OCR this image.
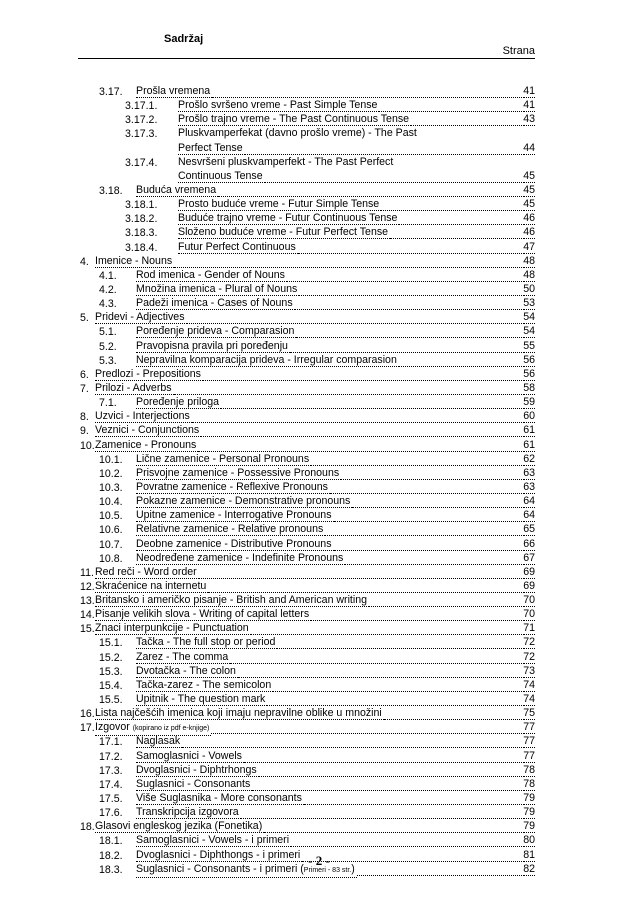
Sadržaj
Strana
3.17. Prošla vremena	41
3.17.1. Prošlo svršeno vreme - Past Simple Tense	41
3.17.2. Prošlo trajno vreme - The Past Continuous Tense	43
3.17.3. Pluskvamperfekat (davno prošlo vreme) - The Past
Perfect Tense	44
3.17.4. Nesvršeni pluskvamperfekt - The Past Perfect
Continuous Tense	45
3.18. Buduća vremena	45
3.18.1. Prosto buduće vreme - Futur Simple Tense	45
3.18.2. Buduće trajno vreme - Futur Continuous Tense	46
3.18.3. Složeno buduće vreme - Futur Perfect Tense	46
3.18.4. Futur Perfect Continuous	47
4. Imenice - Nouns	48
4.1. Rod imenica - Gender of Nouns	48
4.2. Množina imenica - Plural of Nouns	50
4.3. Padeži imenica - Cases of Nouns	53
5. Pridevi - Adjectives	54
5.1. Poređenje prideva - Comparasion	54
5.2. Pravopisna pravila pri poređenju	55
5.3. Nepravilna komparacija prideva - Irregular comparasion	56
6. Predlozi - Prepositions	56
7. Prilozi - Adverbs	58
7.1. Poređenje priloga	59
8. Uzvici - Interjections	60
9. Veznici - Conjunctions	61
10. Zamenice - Pronouns	61
10.1. Lične zamenice - Personal Pronouns	62
10.2. Prisvojne zamenice - Possessive Pronouns	63
10.3. Povratne zamenice - Reflexive Pronouns	63
10.4. Pokazne zamenice - Demonstrative pronouns	64
10.5. Upitne zamenice - Interrogative Pronouns	64
10.6. Relativne zamenice - Relative pronouns	65
10.7. Deobne zamenice - Distributive Pronouns	66
10.8. Neodređene zamenice - Indefinite Pronouns	67
11. Red reči - Word order	69
12. Skraćenice na internetu	69
13. Britansko i američko pisanje - British and American writing	70
14. Pisanje velikih slova - Writing of capital letters	70
15. Znaci interpunkcije - Punctuation	71
15.1. Tačka - The full stop or period	72
15.2. Zarez - The comma	72
15.3. Dvotačka - The colon	73
15.4. Tačka-zarez - The semicolon	74
15.5. Upitnik - The question mark	74
16. Lista najčešćih imenica koji imaju nepravilne oblike u množini	75
17. Izgovor (kopirano iz pdf e-knjige)	77
17.1. Naglasak	77
17.2. Samoglasnici - Vowels	77
17.3. Dvoglasnici - Diphtrhongs	78
17.4. Suglasnici - Consonants	78
17.5. Više Suglasnika - More consonants	79
17.6. Transkripcija izgovora	79
18. Glasovi engleskog jezika (Fonetika)	79
18.1. Samoglasnici - Vowels - i primeri	80
18.2. Dvoglasnici - Diphthongs - i primeri	81
18.3. Suglasnici - Consonants - i primeri (Primeri - 83 str.)	82
- 2 -
